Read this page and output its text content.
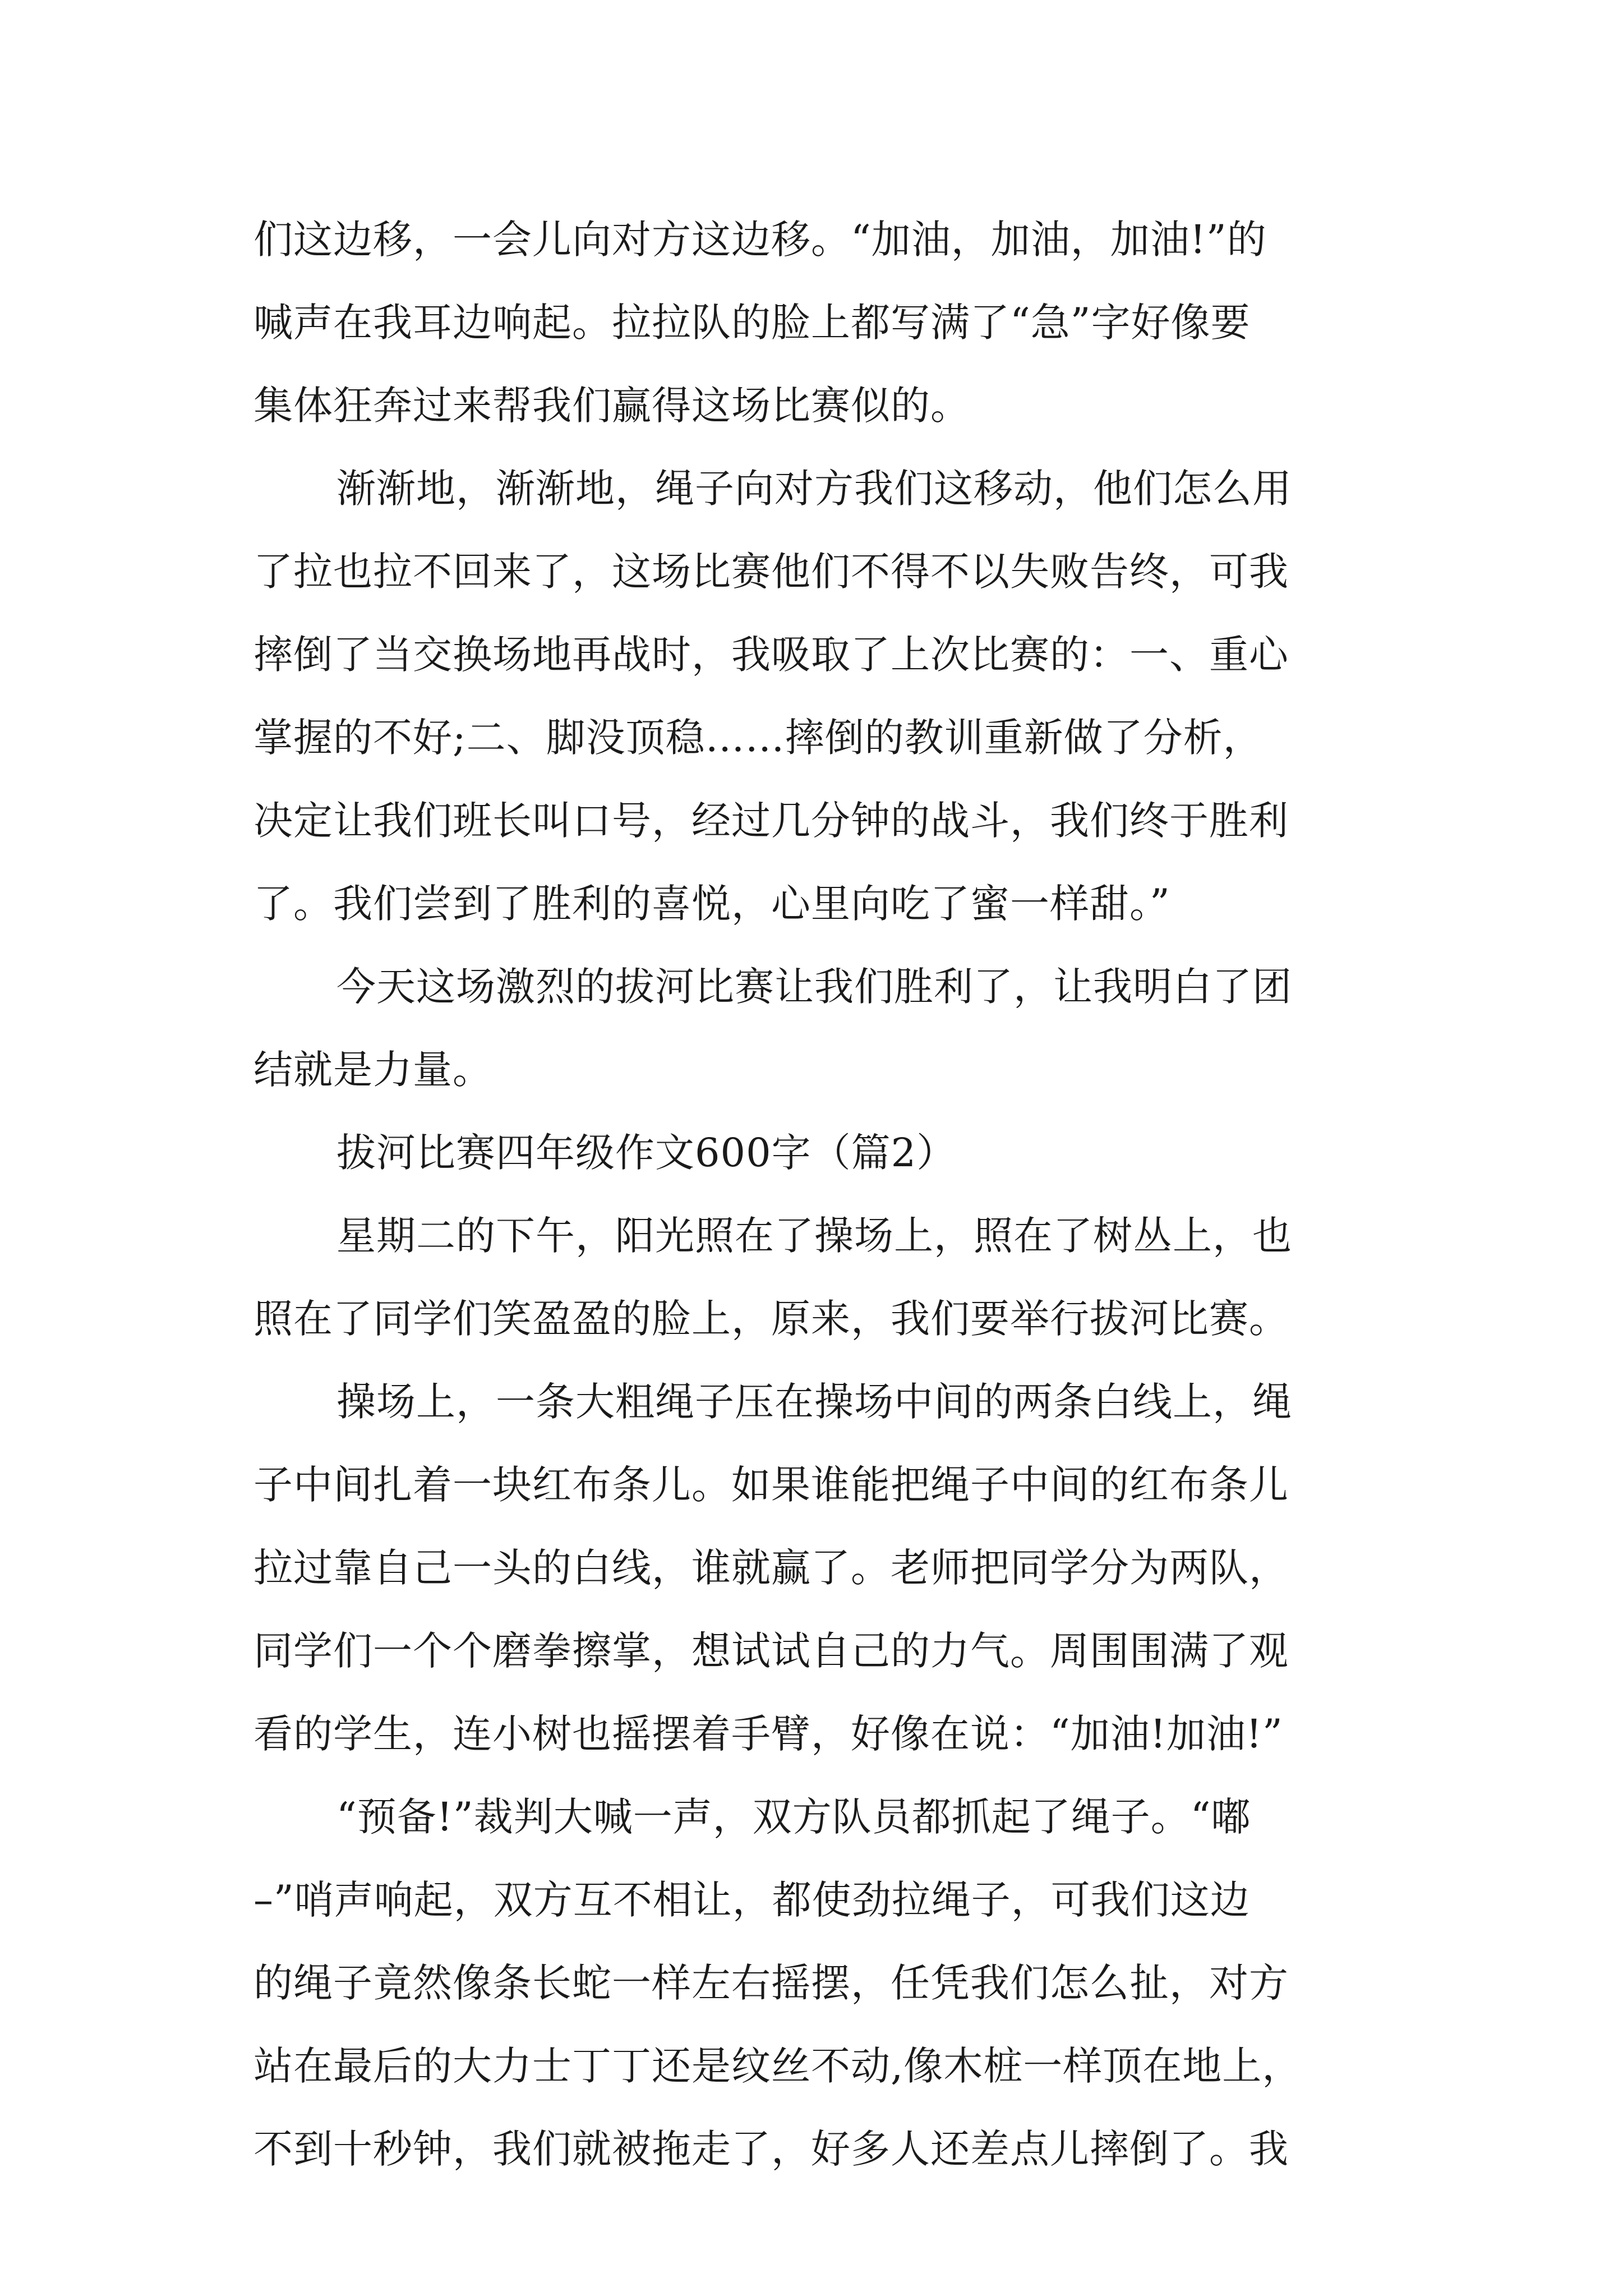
们这边移，一会儿向对方这边移。“加油，加油，加油!”的
喊声在我耳边响起。拉拉队的脸上都写满了“急”字好像要
集体狂奔过来帮我们赢得这场比赛似的。
渐渐地，渐渐地，绳子向对方我们这移动，他们怎么用
了拉也拉不回来了，这场比赛他们不得不以失败告终，可我
摔倒了当交换场地再战时，我吸取了上次比赛的：一、重心
掌握的不好;二、脚没顶稳……摔倒的教训重新做了分析，
决定让我们班长叫口号，经过几分钟的战斗，我们终于胜利
了。我们尝到了胜利的喜悦，心里向吃了蜜一样甜。”
今天这场激烈的拔河比赛让我们胜利了，让我明白了团
结就是力量。
拔河比赛四年级作文600字（篇2）
星期二的下午，阳光照在了操场上，照在了树丛上，也
照在了同学们笑盈盈的脸上，原来，我们要举行拔河比赛。
操场上，一条大粗绳子压在操场中间的两条白线上，绳
子中间扎着一块红布条儿。如果谁能把绳子中间的红布条儿
拉过靠自己一头的白线，谁就赢了。老师把同学分为两队，
同学们一个个磨拳擦掌，想试试自己的力气。周围围满了观
看的学生，连小树也摇摆着手臂，好像在说：“加油!加油!”
“预备!”裁判大喊一声，双方队员都抓起了绳子。“嘟
–”哨声响起，双方互不相让，都使劲拉绳子，可我们这边
的绳子竟然像条长蛇一样左右摇摆，任凭我们怎么扯，对方
站在最后的大力士丁丁还是纹丝不动,像木桩一样顶在地上，
不到十秒钟，我们就被拖走了，好多人还差点儿摔倒了。我
